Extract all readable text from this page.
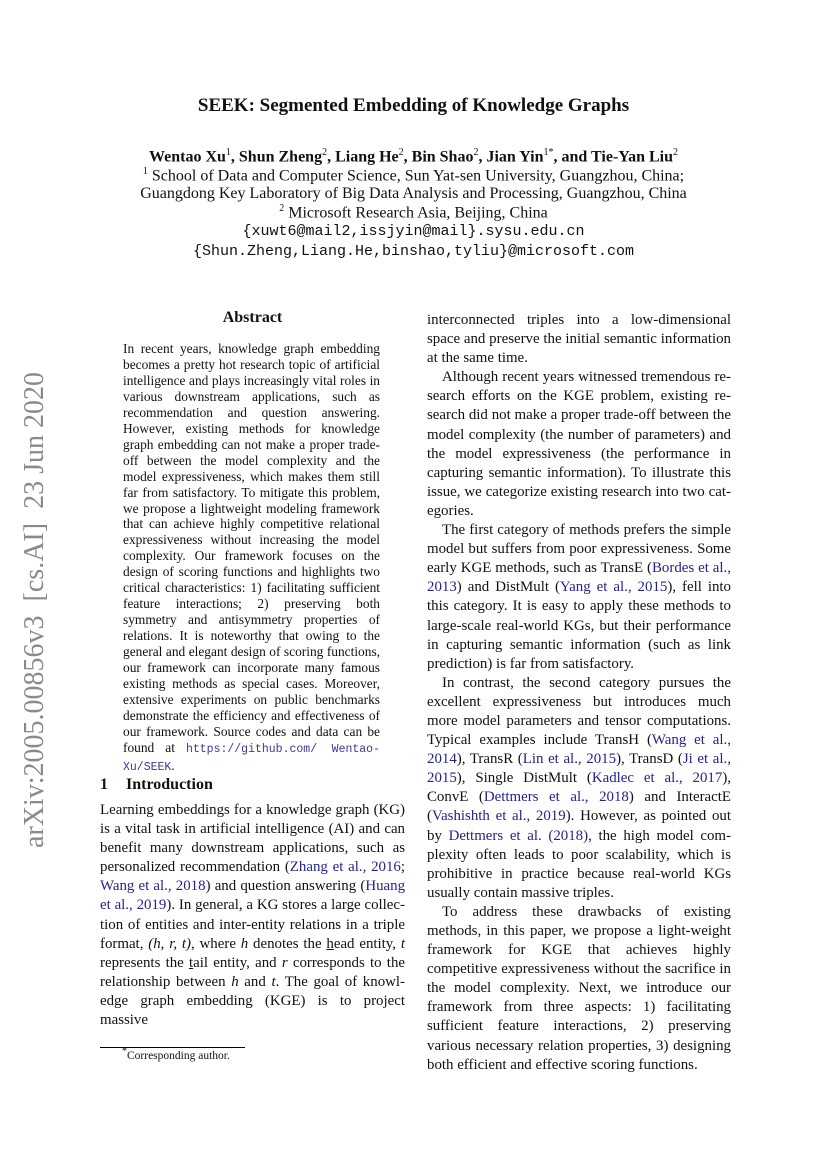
arXiv:2005.00856v3  [cs.AI]  23 Jun 2020
SEEK: Segmented Embedding of Knowledge Graphs
Wentao Xu$^1$, Shun Zheng$^2$, Liang He$^2$, Bin Shao$^2$, Jian Yin$^{1*}$, and Tie-Yan Liu$^2$
$^1$ School of Data and Computer Science, Sun Yat-sen University, Guangzhou, China;
Guangdong Key Laboratory of Big Data Analysis and Processing, Guangzhou, China
$^2$ Microsoft Research Asia, Beijing, China
{xuwt6@mail2,issjyin@mail}.sysu.edu.cn
{Shun.Zheng,Liang.He,binshao,tyliu}@microsoft.com
Abstract

In recent years, knowledge graph embedding becomes a pretty hot research topic of artificial intelligence and plays increasingly vital roles in various downstream applications, such as recommendation and question answering. However, existing methods for knowledge graph embedding can not make a proper trade-off between the model complexity and the model expressiveness, which makes them still far from satisfactory. To mitigate this problem, we propose a lightweight modeling framework that can achieve highly competitive relational expressiveness without increasing the model complexity. Our framework focuses on the design of scoring functions and highlights two critical characteristics: 1) facilitating sufficient feature interactions; 2) preserving both symmetry and antisymmetry properties of relations. It is noteworthy that owing to the general and elegant design of scoring functions, our framework can incorporate many famous existing methods as special cases. Moreover, extensive experiments on public benchmarks demonstrate the efficiency and effectiveness of our framework. Source codes and data can be found at https://github.com/ Wentao-Xu/SEEK.

1 Introduction

Learning embeddings for a knowledge graph (KG) is a vital task in artificial intelligence (AI) and can benefit many downstream applications, such as personalized recommendation (Zhang et al., 2016; Wang et al., 2018) and question answering (Huang et al., 2019). In general, a KG stores a large collection of entities and inter-entity relations in a triple format, (h, r, t), where h denotes the head entity, t represents the tail entity, and r corresponds to the relationship between h and t. The goal of knowledge graph embedding (KGE) is to project massive

interconnected triples into a low-dimensional space and preserve the initial semantic information at the same time.

Although recent years witnessed tremendous research efforts on the KGE problem, existing research did not make a proper trade-off between the model complexity (the number of parameters) and the model expressiveness (the performance in capturing semantic information). To illustrate this issue, we categorize existing research into two categories.

The first category of methods prefers the simple model but suffers from poor expressiveness. Some early KGE methods, such as TransE (Bordes et al., 2013) and DistMult (Yang et al., 2015), fell into this category. It is easy to apply these methods to large-scale real-world KGs, but their performance in capturing semantic information (such as link prediction) is far from satisfactory.

In contrast, the second category pursues the excellent expressiveness but introduces much more model parameters and tensor computations. Typical examples include TransH (Wang et al., 2014), TransR (Lin et al., 2015), TransD (Ji et al., 2015), Single DistMult (Kadlec et al., 2017), ConvE (Dettmers et al., 2018) and InteractE (Vashishth et al., 2019). However, as pointed out by Dettmers et al. (2018), the high model complexity often leads to poor scalability, which is prohibitive in practice because real-world KGs usually contain massive triples.

To address these drawbacks of existing methods, in this paper, we propose a light-weight framework for KGE that achieves highly competitive expressiveness without the sacrifice in the model complexity. Next, we introduce our framework from three aspects: 1) facilitating sufficient feature interactions, 2) preserving various necessary relation properties, 3) designing both efficient and effective scoring functions.

*Corresponding author.
